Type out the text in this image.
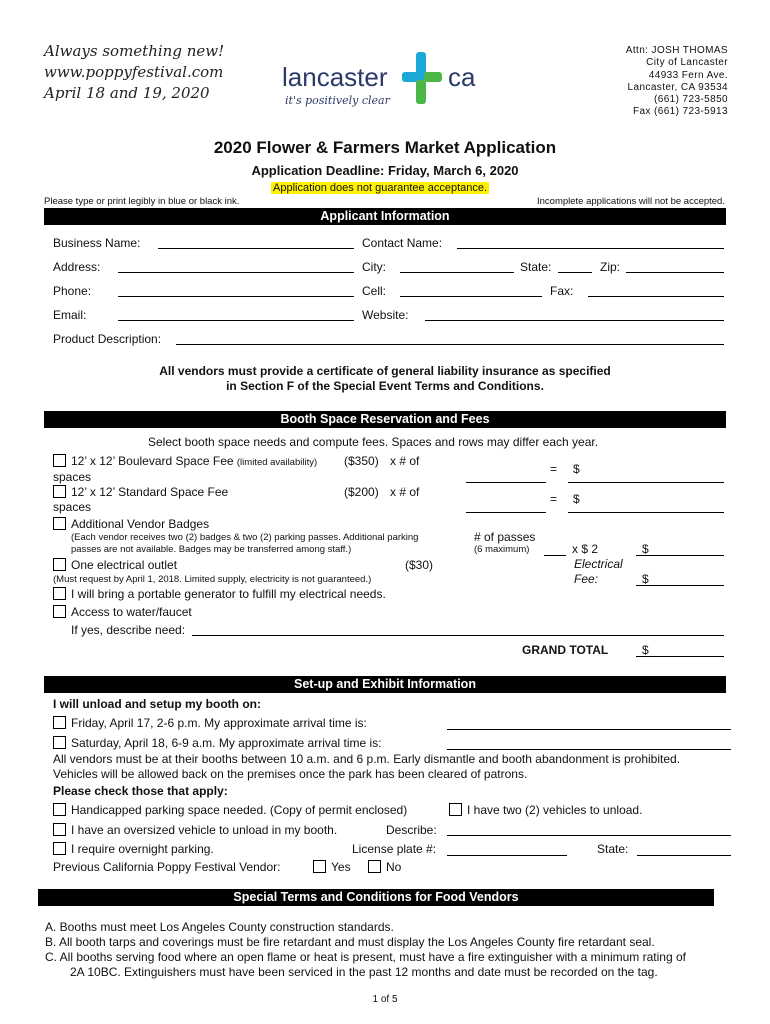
Always something new!
www.poppyfestival.com
April 18 and 19, 2020
lancaster ca
it's positively clear
Attn: JOSH THOMAS
City of Lancaster
44933 Fern Ave.
Lancaster, CA 93534
(661) 723-5850
Fax (661) 723-5913
2020 Flower & Farmers Market Application
Application Deadline: Friday, March 6, 2020
Application does not guarantee acceptance.
Please type or print legibly in blue or black ink.	Incomplete applications will not be accepted.
Applicant Information
Business Name:	Contact Name:
Address:	City:	State:	Zip:
Phone:	Cell:	Fax:
Email:	Website:
Product Description:
All vendors must provide a certificate of general liability insurance as specified
in Section F of the Special Event Terms and Conditions.
Booth Space Reservation and Fees
Select booth space needs and compute fees. Spaces and rows may differ each year.
12’ x 12’ Boulevard Space Fee (limited availability) ($350) x # of
spaces
= $
12’ x 12’ Standard Space Fee	($200) x # of
spaces
= $
Additional Vendor Badges
(Each vendor receives two (2) badges & two (2) parking passes. Additional parking
passes are not available. Badges may be transferred among staff.)
# of passes
(6 maximum)	x $ 2	$
Electrical
Fee:	$
One electrical outlet	($30)
(Must request by April 1, 2018. Limited supply, electricity is not guaranteed.)
I will bring a portable generator to fulfill my electrical needs.
Access to water/faucet
If yes, describe need:
GRAND TOTAL	$
Set-up and Exhibit Information
I will unload and setup my booth on:
Friday, April 17, 2-6 p.m. My approximate arrival time is:
Saturday, April 18, 6-9 a.m. My approximate arrival time is:
All vendors must be at their booths between 10 a.m. and 6 p.m. Early dismantle and booth abandonment is prohibited.
Vehicles will be allowed back on the premises once the park has been cleared of patrons.
Please check those that apply:
Handicapped parking space needed. (Copy of permit enclosed)	I have two (2) vehicles to unload.
I have an oversized vehicle to unload in my booth.	Describe:
I require overnight parking.	License plate #:	State:
Previous California Poppy Festival Vendor:	Yes	No
Special Terms and Conditions for Food Vendors
A. Booths must meet Los Angeles County construction standards.
B. All booth tarps and coverings must be fire retardant and must display the Los Angeles County fire retardant seal.
C. All booths serving food where an open flame or heat is present, must have a fire extinguisher with a minimum rating of
2A 10BC. Extinguishers must have been serviced in the past 12 months and date must be recorded on the tag.
1 of 5
